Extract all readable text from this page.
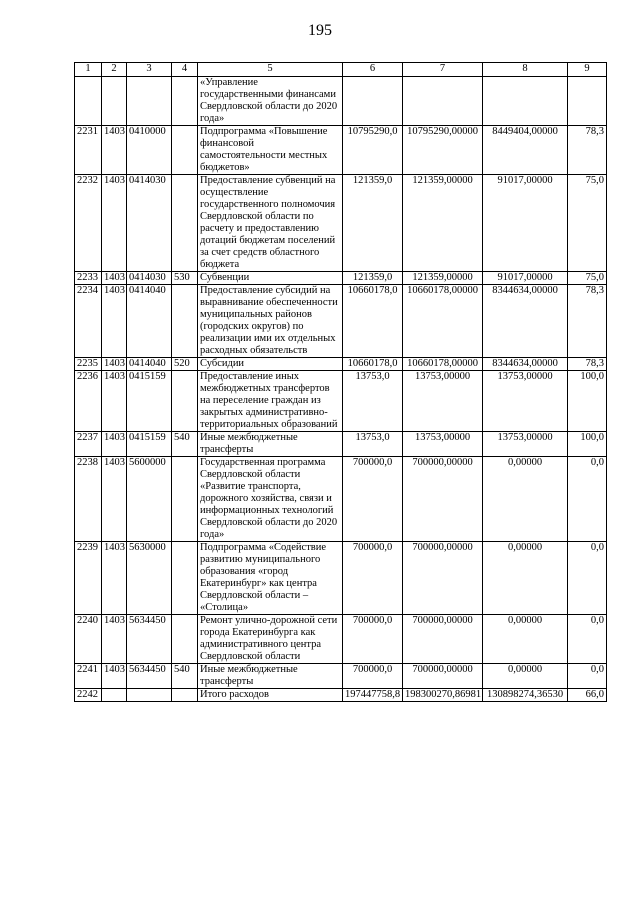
195
1	2	3	4	5	6	7	8	9
				«Управление государственными финансами Свердловской области до 2020 года»				
2231	1403	0410000		Подпрограмма «Повышение финансовой самостоятельности местных бюджетов»	10795290,0	10795290,00000	8449404,00000	78,3
2232	1403	0414030		Предоставление субвенций на осуществление государственного полномочия Свердловской области по расчету и предоставлению дотаций бюджетам поселений за счет средств областного бюджета	121359,0	121359,00000	91017,00000	75,0
2233	1403	0414030	530	Субвенции	121359,0	121359,00000	91017,00000	75,0
2234	1403	0414040		Предоставление субсидий на выравнивание обеспеченности муниципальных районов (городских округов) по реализации ими их отдельных расходных обязательств	10660178,0	10660178,00000	8344634,00000	78,3
2235	1403	0414040	520	Субсидии	10660178,0	10660178,00000	8344634,00000	78,3
2236	1403	0415159		Предоставление иных межбюджетных трансфертов на переселение граждан из закрытых административно-территориальных образований	13753,0	13753,00000	13753,00000	100,0
2237	1403	0415159	540	Иные межбюджетные трансферты	13753,0	13753,00000	13753,00000	100,0
2238	1403	5600000		Государственная программа Свердловской области «Развитие транспорта, дорожного хозяйства, связи и информационных технологий Свердловской области до 2020 года»	700000,0	700000,00000	0,00000	0,0
2239	1403	5630000		Подпрограмма «Содействие развитию муниципального образования «город Екатеринбург» как центра Свердловской области – «Столица»	700000,0	700000,00000	0,00000	0,0
2240	1403	5634450		Ремонт улично-дорожной сети города Екатеринбурга как административного центра Свердловской области	700000,0	700000,00000	0,00000	0,0
2241	1403	5634450	540	Иные межбюджетные трансферты	700000,0	700000,00000	0,00000	0,0
2242				Итого расходов	197447758,8	198300270,86981	130898274,36530	66,0
